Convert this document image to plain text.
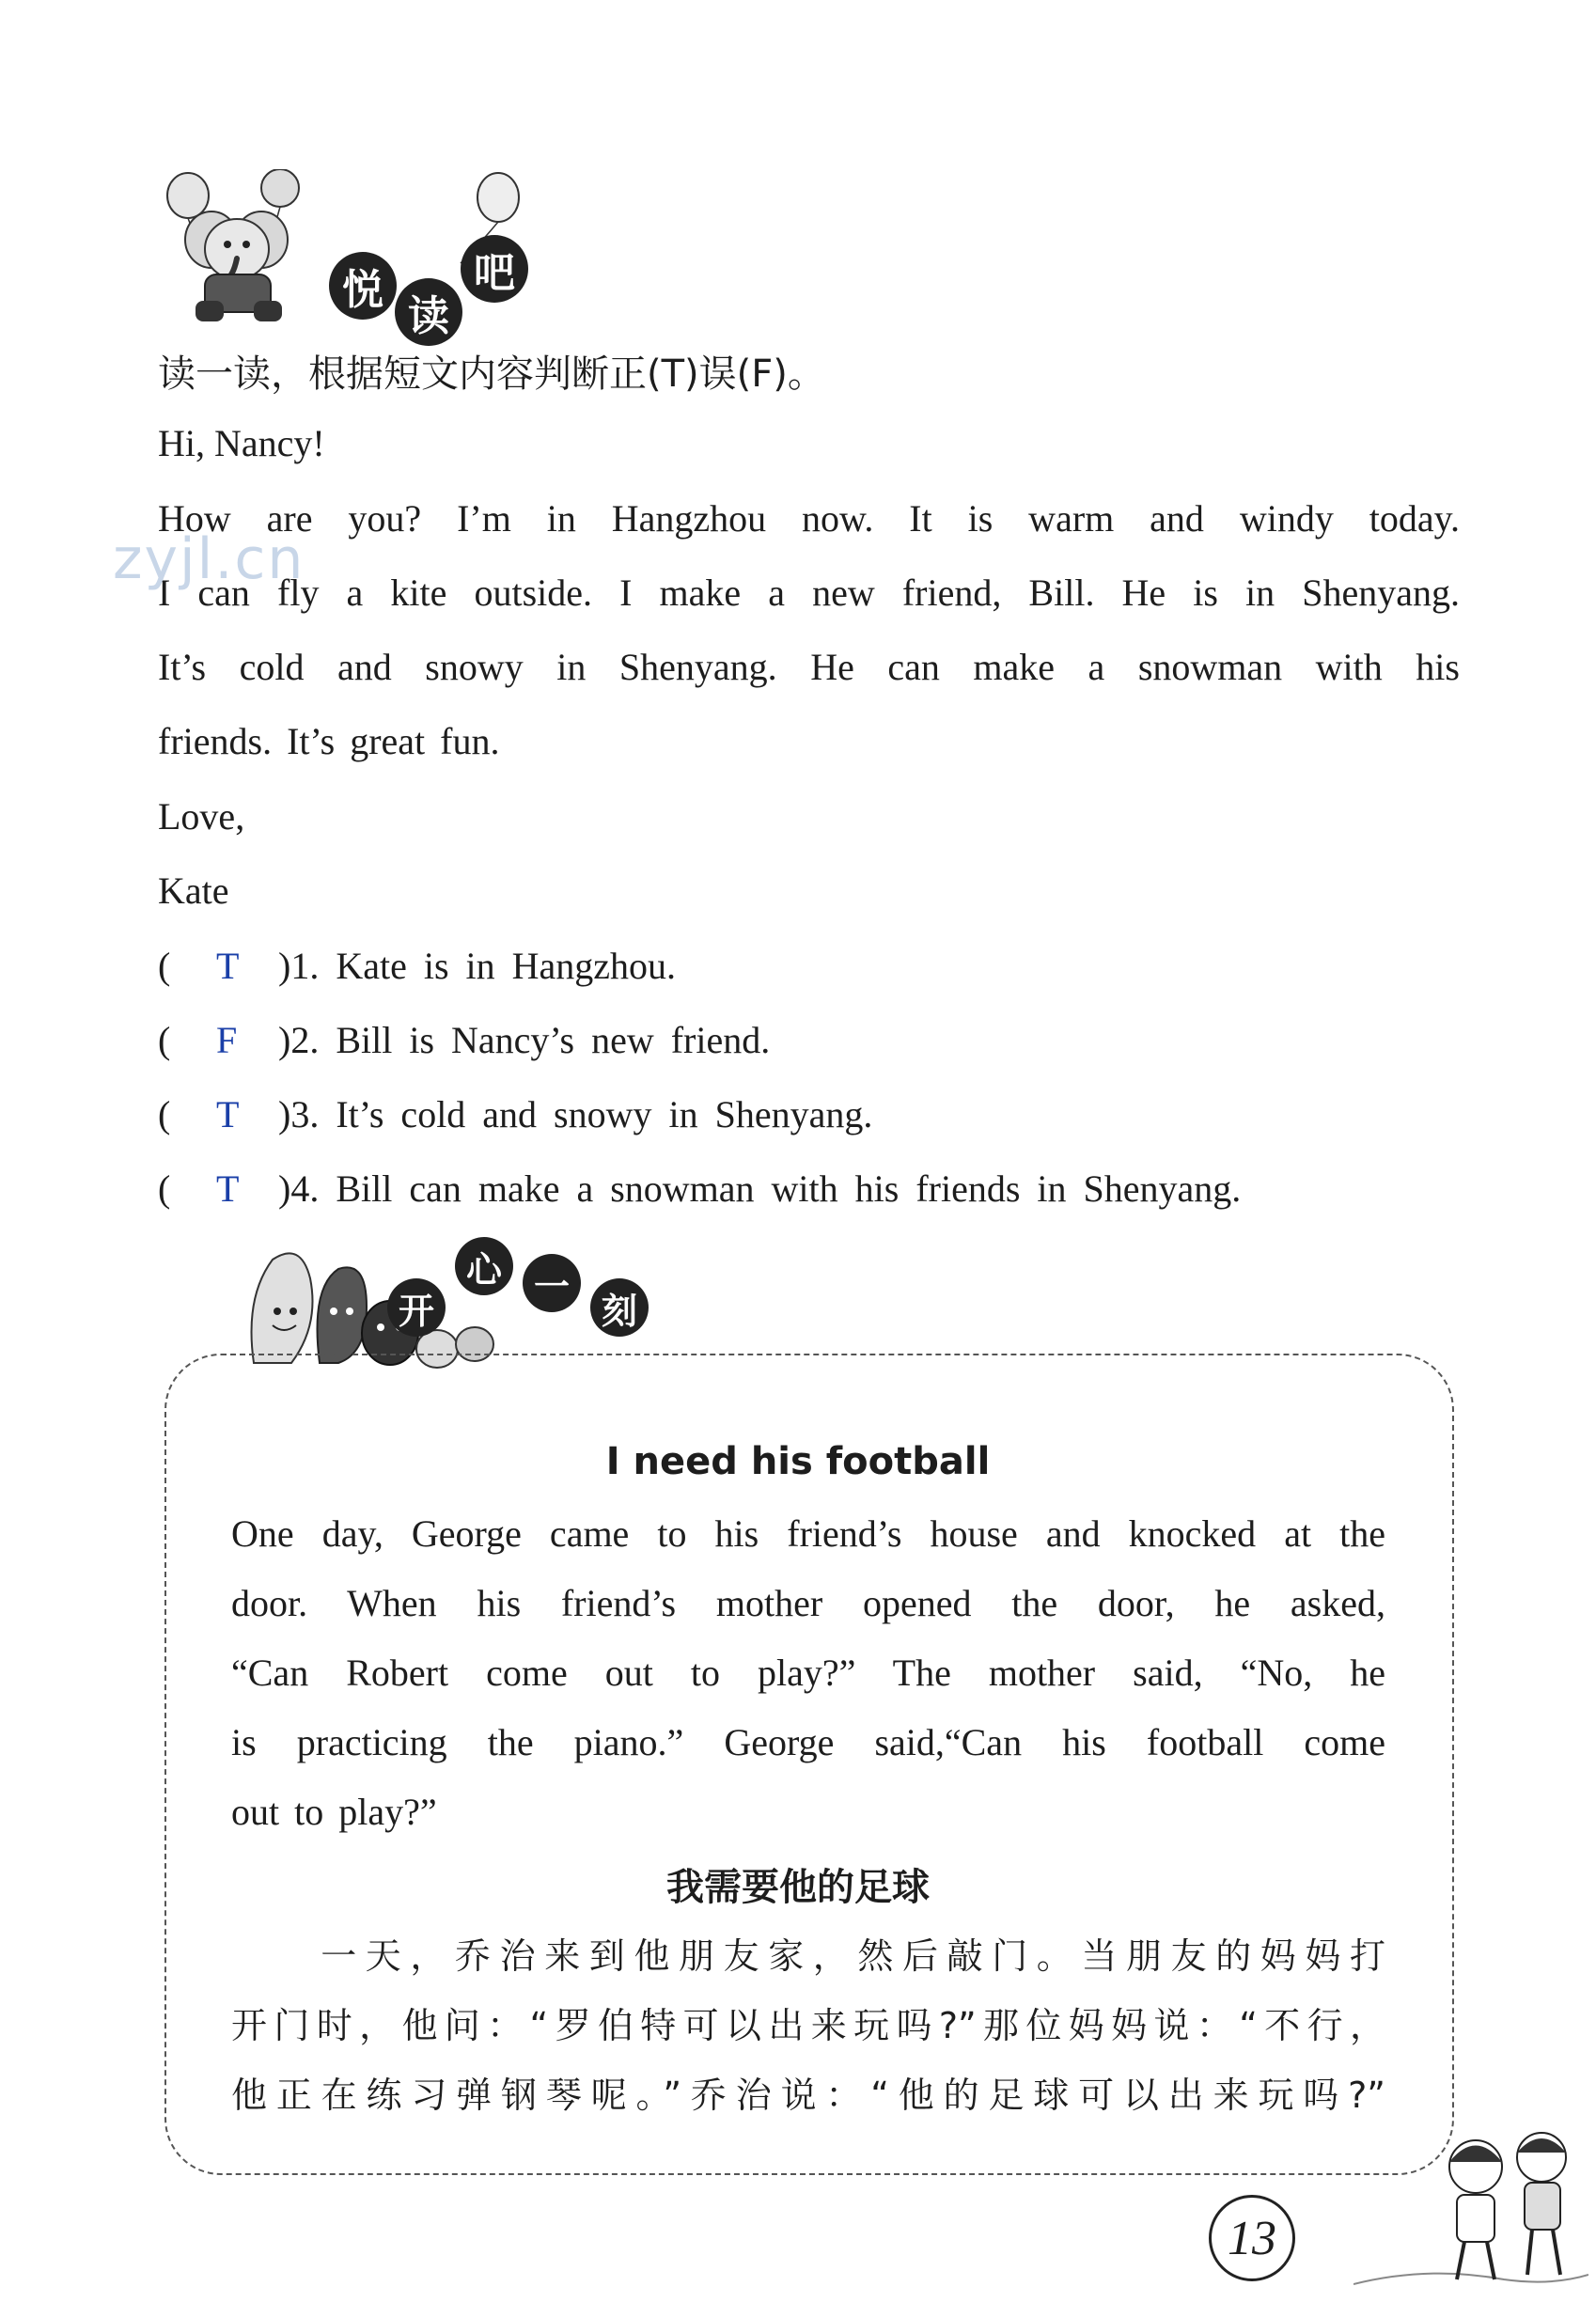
悦
读
吧
读一读，根据短文内容判断正(T)误(F)。
Hi, Nancy!
How are you? I’m in Hangzhou now. It is warm and windy today.
I can fly a kite outside. I make a new friend, Bill. He is in Shenyang.
It’s cold and snowy in Shenyang. He can make a snowman with his
friends. It’s great fun.
Love,
Kate
( T )1. Kate is in Hangzhou.
( F )2. Bill is Nancy’s new friend.
( T )3. It’s cold and snowy in Shenyang.
( T )4. Bill can make a snowman with his friends in Shenyang.
开
心 一
刻
I need his football
One day, George came to his friend’s house and knocked at the
door. When his friend’s mother opened the door, he asked,
“Can Robert come out to play?” The mother said, “No, he
is practicing the piano.” George said,“Can his football come
out to play?”
我需要他的足球
　　一天，乔治来到他朋友家，然后敲门。当朋友的妈妈打
开门时，他问：“罗伯特可以出来玩吗?”那位妈妈说：“不行，
他正在练习弹钢琴呢。”乔治说：“他的足球可以出来玩吗?”
13
zyjl.cn
